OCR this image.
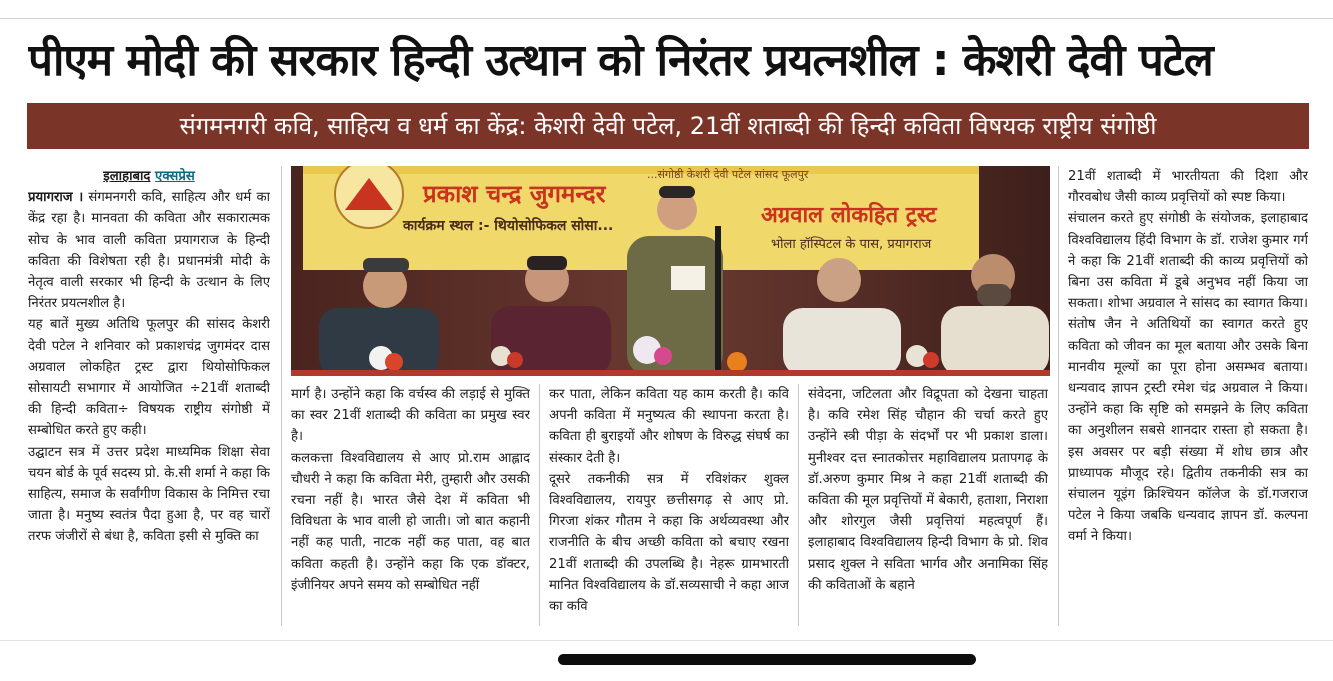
पीएम मोदी की सरकार हिन्दी उत्थान को निरंतर प्रयत्नशील : केशरी देवी पटेल
संगमनगरी कवि, साहित्य व धर्म का केंद्र: केशरी देवी पटेल, 21वीं शताब्दी की हिन्दी कविता विषयक राष्ट्रीय संगोष्ठी

इलाहाबाद एक्सप्रेस

प्रयागराज । संगमनगरी कवि, साहित्य और धर्म का केंद्र रहा है। मानवता की कविता और सकारात्मक सोच के भाव वाली कविता प्रयागराज के हिन्दी कविता की विशेषता रही है। प्रधानमंत्री मोदी के नेतृत्व वाली सरकार भी हिन्दी के उत्थान के लिए निरंतर प्रयत्नशील है।

यह बातें मुख्य अतिथि फूलपुर की सांसद केशरी देवी पटेल ने शनिवार को प्रकाशचंद्र जुगमंदर दास अग्रवाल लोकहित ट्रस्ट द्वारा थियोसोफिकल सोसायटी सभागार में आयोजित ÷21वीं शताब्दी की हिन्दी कविता÷ विषयक राष्ट्रीय संगोष्ठी में सम्बोधित करते हुए कही।

उद्घाटन सत्र में उत्तर प्रदेश माध्यमिक शिक्षा सेवा चयन बोर्ड के पूर्व सदस्य प्रो. के.सी शर्मा ने कहा कि साहित्य, समाज के सर्वांगीण विकास के निमित्त रचा जाता है। मनुष्य स्वतंत्र पैदा हुआ है, पर वह चारों तरफ जंजीरों से बंधा है, कविता इसी से मुक्ति का

...संगोष्ठी केशरी देवी पटेल सांसद फूलपुर
प्रकाश चन्द्र जुगमन्दर
अग्रवाल लोकहित ट्रस्ट
कार्यक्रम स्थल :- थियोसोफिकल सोसा...
भोला हॉस्पिटल के पास, प्रयागराज

मार्ग है। उन्होंने कहा कि वर्चस्व की लड़ाई से मुक्ति का स्वर 21वीं शताब्दी की कविता का प्रमुख स्वर है।

कलकत्ता विश्वविद्यालय से आए प्रो.राम आह्लाद चौधरी ने कहा कि कविता मेरी, तुम्हारी और उसकी रचना नहीं है। भारत जैसे देश में कविता भी विविधता के भाव वाली हो जाती। जो बात कहानी नहीं कह पाती, नाटक नहीं कह पाता, वह बात कविता कहती है। उन्होंने कहा कि एक डॉक्टर, इंजीनियर अपने समय को सम्बोधित नहीं

कर पाता, लेकिन कविता यह काम करती है। कवि अपनी कविता में मनुष्यत्व की स्थापना करता है। कविता ही बुराइयों और शोषण के विरुद्ध संघर्ष का संस्कार देती है।

दूसरे तकनीकी सत्र में रविशंकर शुक्ल विश्वविद्यालय, रायपुर छत्तीसगढ़ से आए प्रो. गिरजा शंकर गौतम ने कहा कि अर्थव्यवस्था और राजनीति के बीच अच्छी कविता को बचाए रखना 21वीं शताब्दी की उपलब्धि है। नेहरू ग्रामभारती मानित विश्वविद्यालय के डॉ.सव्यसाची ने कहा आज का कवि

संवेदना, जटिलता और विद्रूपता को देखना चाहता है। कवि रमेश सिंह चौहान की चर्चा करते हुए उन्होंने स्त्री पीड़ा के संदर्भों पर भी प्रकाश डाला। मुनीश्वर दत्त स्नातकोत्तर महाविद्यालय प्रतापगढ़ के डॉ.अरुण कुमार मिश्र ने कहा 21वीं शताब्दी की कविता की मूल प्रवृत्तियों में बेकारी, हताशा, निराशा और शोरगुल जैसी प्रवृत्तियां महत्वपूर्ण हैं। इलाहाबाद विश्वविद्यालय हिन्दी विभाग के प्रो. शिव प्रसाद शुक्ल ने सविता भार्गव और अनामिका सिंह की कविताओं के बहाने

21वीं शताब्दी में भारतीयता की दिशा और गौरवबोध जैसी काव्य प्रवृत्तियों को स्पष्ट किया।

संचालन करते हुए संगोष्ठी के संयोजक, इलाहाबाद विश्वविद्यालय हिंदी विभाग के डॉ. राजेश कुमार गर्ग ने कहा कि 21वीं शताब्दी की काव्य प्रवृत्तियों को बिना उस कविता में डूबे अनुभव नहीं किया जा सकता। शोभा अग्रवाल ने सांसद का स्वागत किया। संतोष जैन ने अतिथियों का स्वागत करते हुए कविता को जीवन का मूल बताया और उसके बिना मानवीय मूल्यों का पूरा होना असम्भव बताया। धन्यवाद ज्ञापन ट्रस्टी रमेश चंद्र अग्रवाल ने किया। उन्होंने कहा कि सृष्टि को समझने के लिए कविता का अनुशीलन सबसे शानदार रास्ता हो सकता है। इस अवसर पर बड़ी संख्या में शोध छात्र और प्राध्यापक मौजूद रहे। द्वितीय तकनीकी सत्र का संचालन यूइंग क्रिश्चियन कॉलेज के डॉ.गजराज पटेल ने किया जबकि धन्यवाद ज्ञापन डॉ. कल्पना वर्मा ने किया।
